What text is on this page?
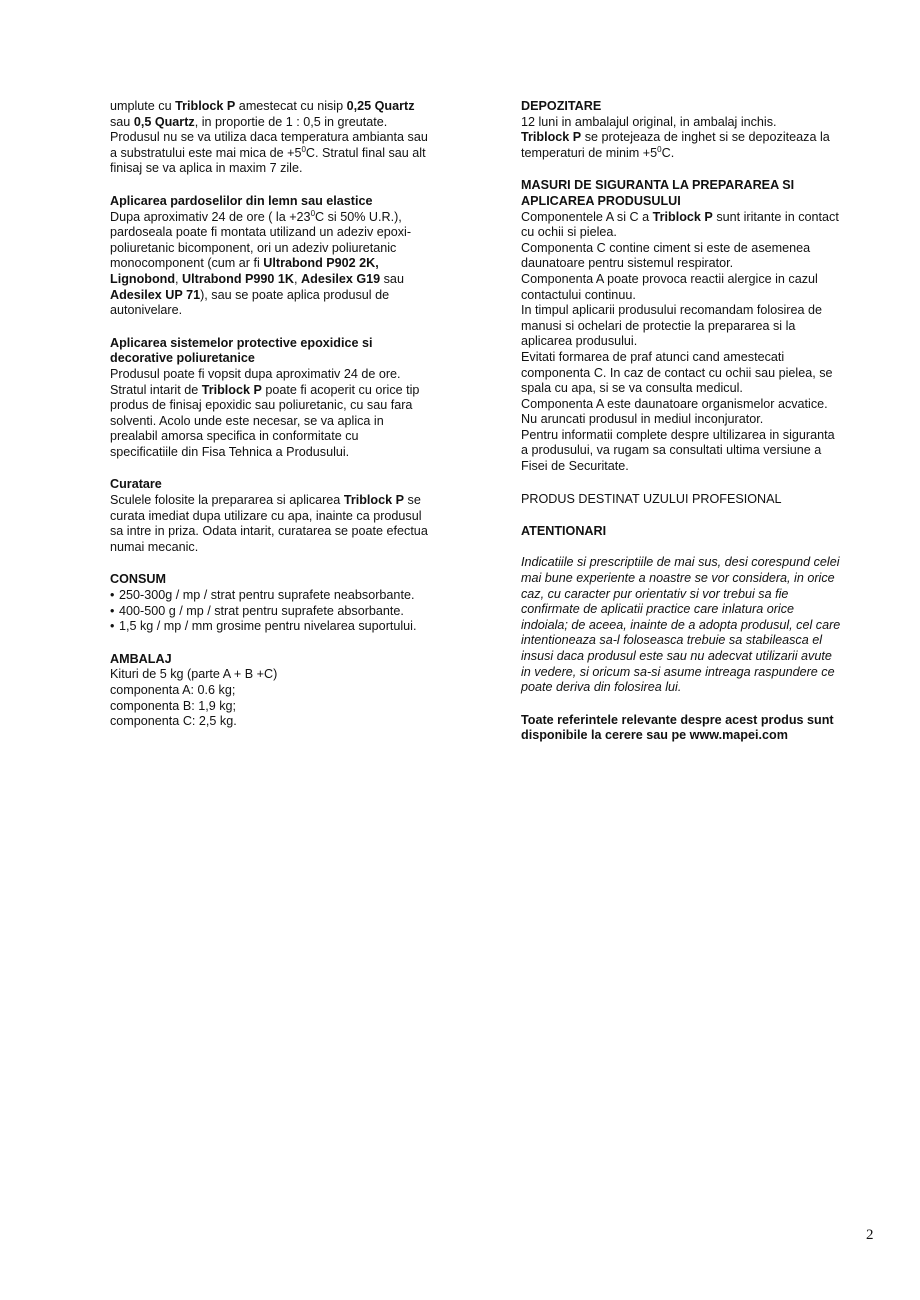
umplute cu Triblock P amestecat cu nisip 0,25 Quartz

sau 0,5 Quartz, in proportie de 1 : 0,5 in greutate.

Produsul nu se va utiliza daca temperatura ambianta sau

a substratului este mai mica de $+5^0C$. Stratul final sau alt

finisaj se va aplica in maxim 7 zile.

Aplicarea pardoselilor din lemn sau elastice

Dupa aproximativ 24 de ore ( la $+23^0C$ si 50% U.R.),

pardoseala poate fi montata utilizand un adeziv epoxi-

poliuretanic bicomponent, ori un adeziv poliuretanic

monocomponent (cum ar fi Ultrabond P902 2K,

Lignobond, Ultrabond P990 1K, Adesilex G19 sau

Adesilex UP 71), sau se poate aplica produsul de

autonivelare.

Aplicarea sistemelor protective epoxidice si

decorative poliuretanice

Produsul poate fi vopsit dupa aproximativ 24 de ore.

Stratul intarit de Triblock P poate fi acoperit cu orice tip

produs de finisaj epoxidic sau poliuretanic, cu sau fara

solventi. Acolo unde este necesar, se va aplica in

prealabil amorsa specifica in conformitate cu

specificatiile din Fisa Tehnica a Produsului.

Curatare

Sculele folosite la prepararea si aplicarea Triblock P se

curata imediat dupa utilizare cu apa, inainte ca produsul

sa intre in priza. Odata intarit, curatarea se poate efectua

numai mecanic.

CONSUM

• 250-300g / mp / strat pentru suprafete neabsorbante.
• 400-500 g / mp / strat pentru suprafete absorbante.
• 1,5 kg / mp / mm grosime pentru nivelarea suportului.

AMBALAJ

Kituri de 5 kg (parte A + B +C)

componenta A: 0.6 kg;

componenta B: 1,9 kg;

componenta C: 2,5 kg.

DEPOZITARE

12 luni in ambalajul original, in ambalaj inchis.

Triblock P se protejeaza de inghet si se depoziteaza la

temperaturi de minim $+5^0C$.

MASURI DE SIGURANTA LA PREPARAREA SI

APLICAREA PRODUSULUI

Componentele A si C a Triblock P sunt iritante in contact

cu ochii si pielea.

Componenta C contine ciment si este de asemenea

daunatoare pentru sistemul respirator.

Componenta A poate provoca reactii alergice in cazul

contactului continuu.

In timpul aplicarii produsului recomandam folosirea de

manusi si ochelari de protectie la prepararea si la

aplicarea produsului.

Evitati formarea de praf atunci cand amestecati

componenta C. In caz de contact cu ochii sau pielea, se

spala cu apa, si se va consulta medicul.

Componenta A este daunatoare organismelor acvatice.

Nu aruncati produsul in mediul inconjurator.

Pentru informatii complete despre ultilizarea in siguranta

a produsului, va rugam sa consultati ultima versiune a

Fisei de Securitate.

PRODUS DESTINAT UZULUI PROFESIONAL

ATENTIONARI

Indicatiile si prescriptiile de mai sus, desi corespund celei

mai bune experiente a noastre se vor considera, in orice

caz, cu caracter pur orientativ si vor trebui sa fie

confirmate de aplicatii practice care inlatura orice

indoiala; de aceea, inainte de a adopta produsul, cel care

intentioneaza sa-l foloseasca trebuie sa stabileasca el

insusi daca produsul este sau nu adecvat utilizarii avute

in vedere, si oricum sa-si asume intreaga raspundere ce

poate deriva din folosirea lui.

Toate referintele relevante despre acest produs sunt

disponibile la cerere sau pe www.mapei.com

2
